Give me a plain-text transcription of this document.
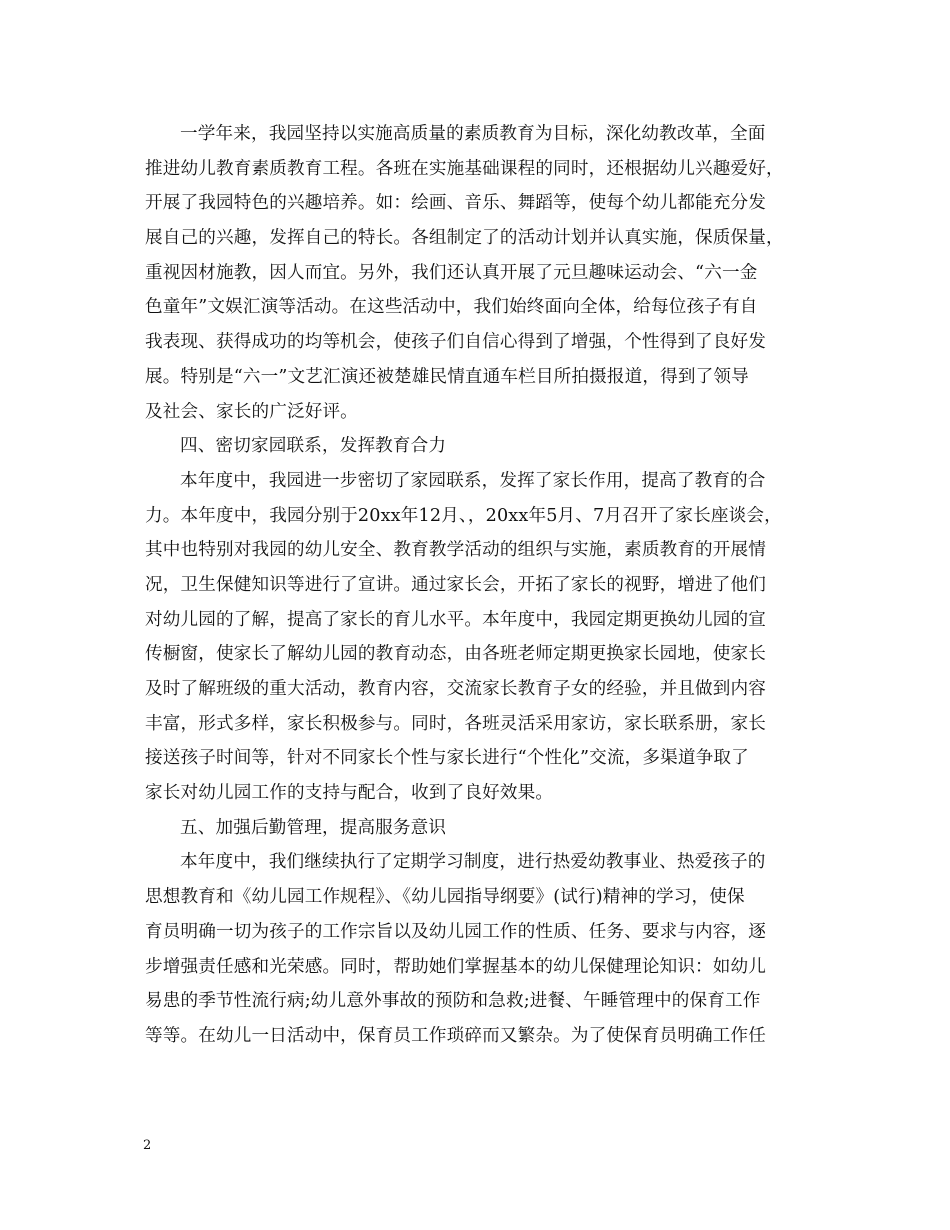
一学年来，我园坚持以实施高质量的素质教育为目标，深化幼教改革，全面
推进幼儿教育素质教育工程。各班在实施基础课程的同时，还根据幼儿兴趣爱好，
开展了我园特色的兴趣培养。如：绘画、音乐、舞蹈等，使每个幼儿都能充分发
展自己的兴趣，发挥自己的特长。各组制定了的活动计划并认真实施，保质保量，
重视因材施教，因人而宜。另外，我们还认真开展了元旦趣味运动会、“六一金
色童年”文娱汇演等活动。在这些活动中，我们始终面向全体，给每位孩子有自
我表现、获得成功的均等机会，使孩子们自信心得到了增强，个性得到了良好发
展。特别是“六一”文艺汇演还被楚雄民情直通车栏目所拍摄报道，得到了领导
及社会、家长的广泛好评。
四、密切家园联系，发挥教育合力
本年度中，我园进一步密切了家园联系，发挥了家长作用，提高了教育的合
力。本年度中，我园分别于20xx年12月、，20xx年5月、7月召开了家长座谈会，
其中也特别对我园的幼儿安全、教育教学活动的组织与实施，素质教育的开展情
况，卫生保健知识等进行了宣讲。通过家长会，开拓了家长的视野，增进了他们
对幼儿园的了解，提高了家长的育儿水平。本年度中，我园定期更换幼儿园的宣
传橱窗，使家长了解幼儿园的教育动态，由各班老师定期更换家长园地，使家长
及时了解班级的重大活动，教育内容，交流家长教育子女的经验，并且做到内容
丰富，形式多样，家长积极参与。同时，各班灵活采用家访，家长联系册，家长
接送孩子时间等，针对不同家长个性与家长进行“个性化”交流，多渠道争取了
家长对幼儿园工作的支持与配合，收到了良好效果。
五、加强后勤管理，提高服务意识
本年度中，我们继续执行了定期学习制度，进行热爱幼教事业、热爱孩子的
思想教育和《幼儿园工作规程》、《幼儿园指导纲要》(试行)精神的学习，使保
育员明确一切为孩子的工作宗旨以及幼儿园工作的性质、任务、要求与内容，逐
步增强责任感和光荣感。同时，帮助她们掌握基本的幼儿保健理论知识：如幼儿
易患的季节性流行病;幼儿意外事故的预防和急救;进餐、午睡管理中的保育工作
等等。在幼儿一日活动中，保育员工作琐碎而又繁杂。为了使保育员明确工作任
2
